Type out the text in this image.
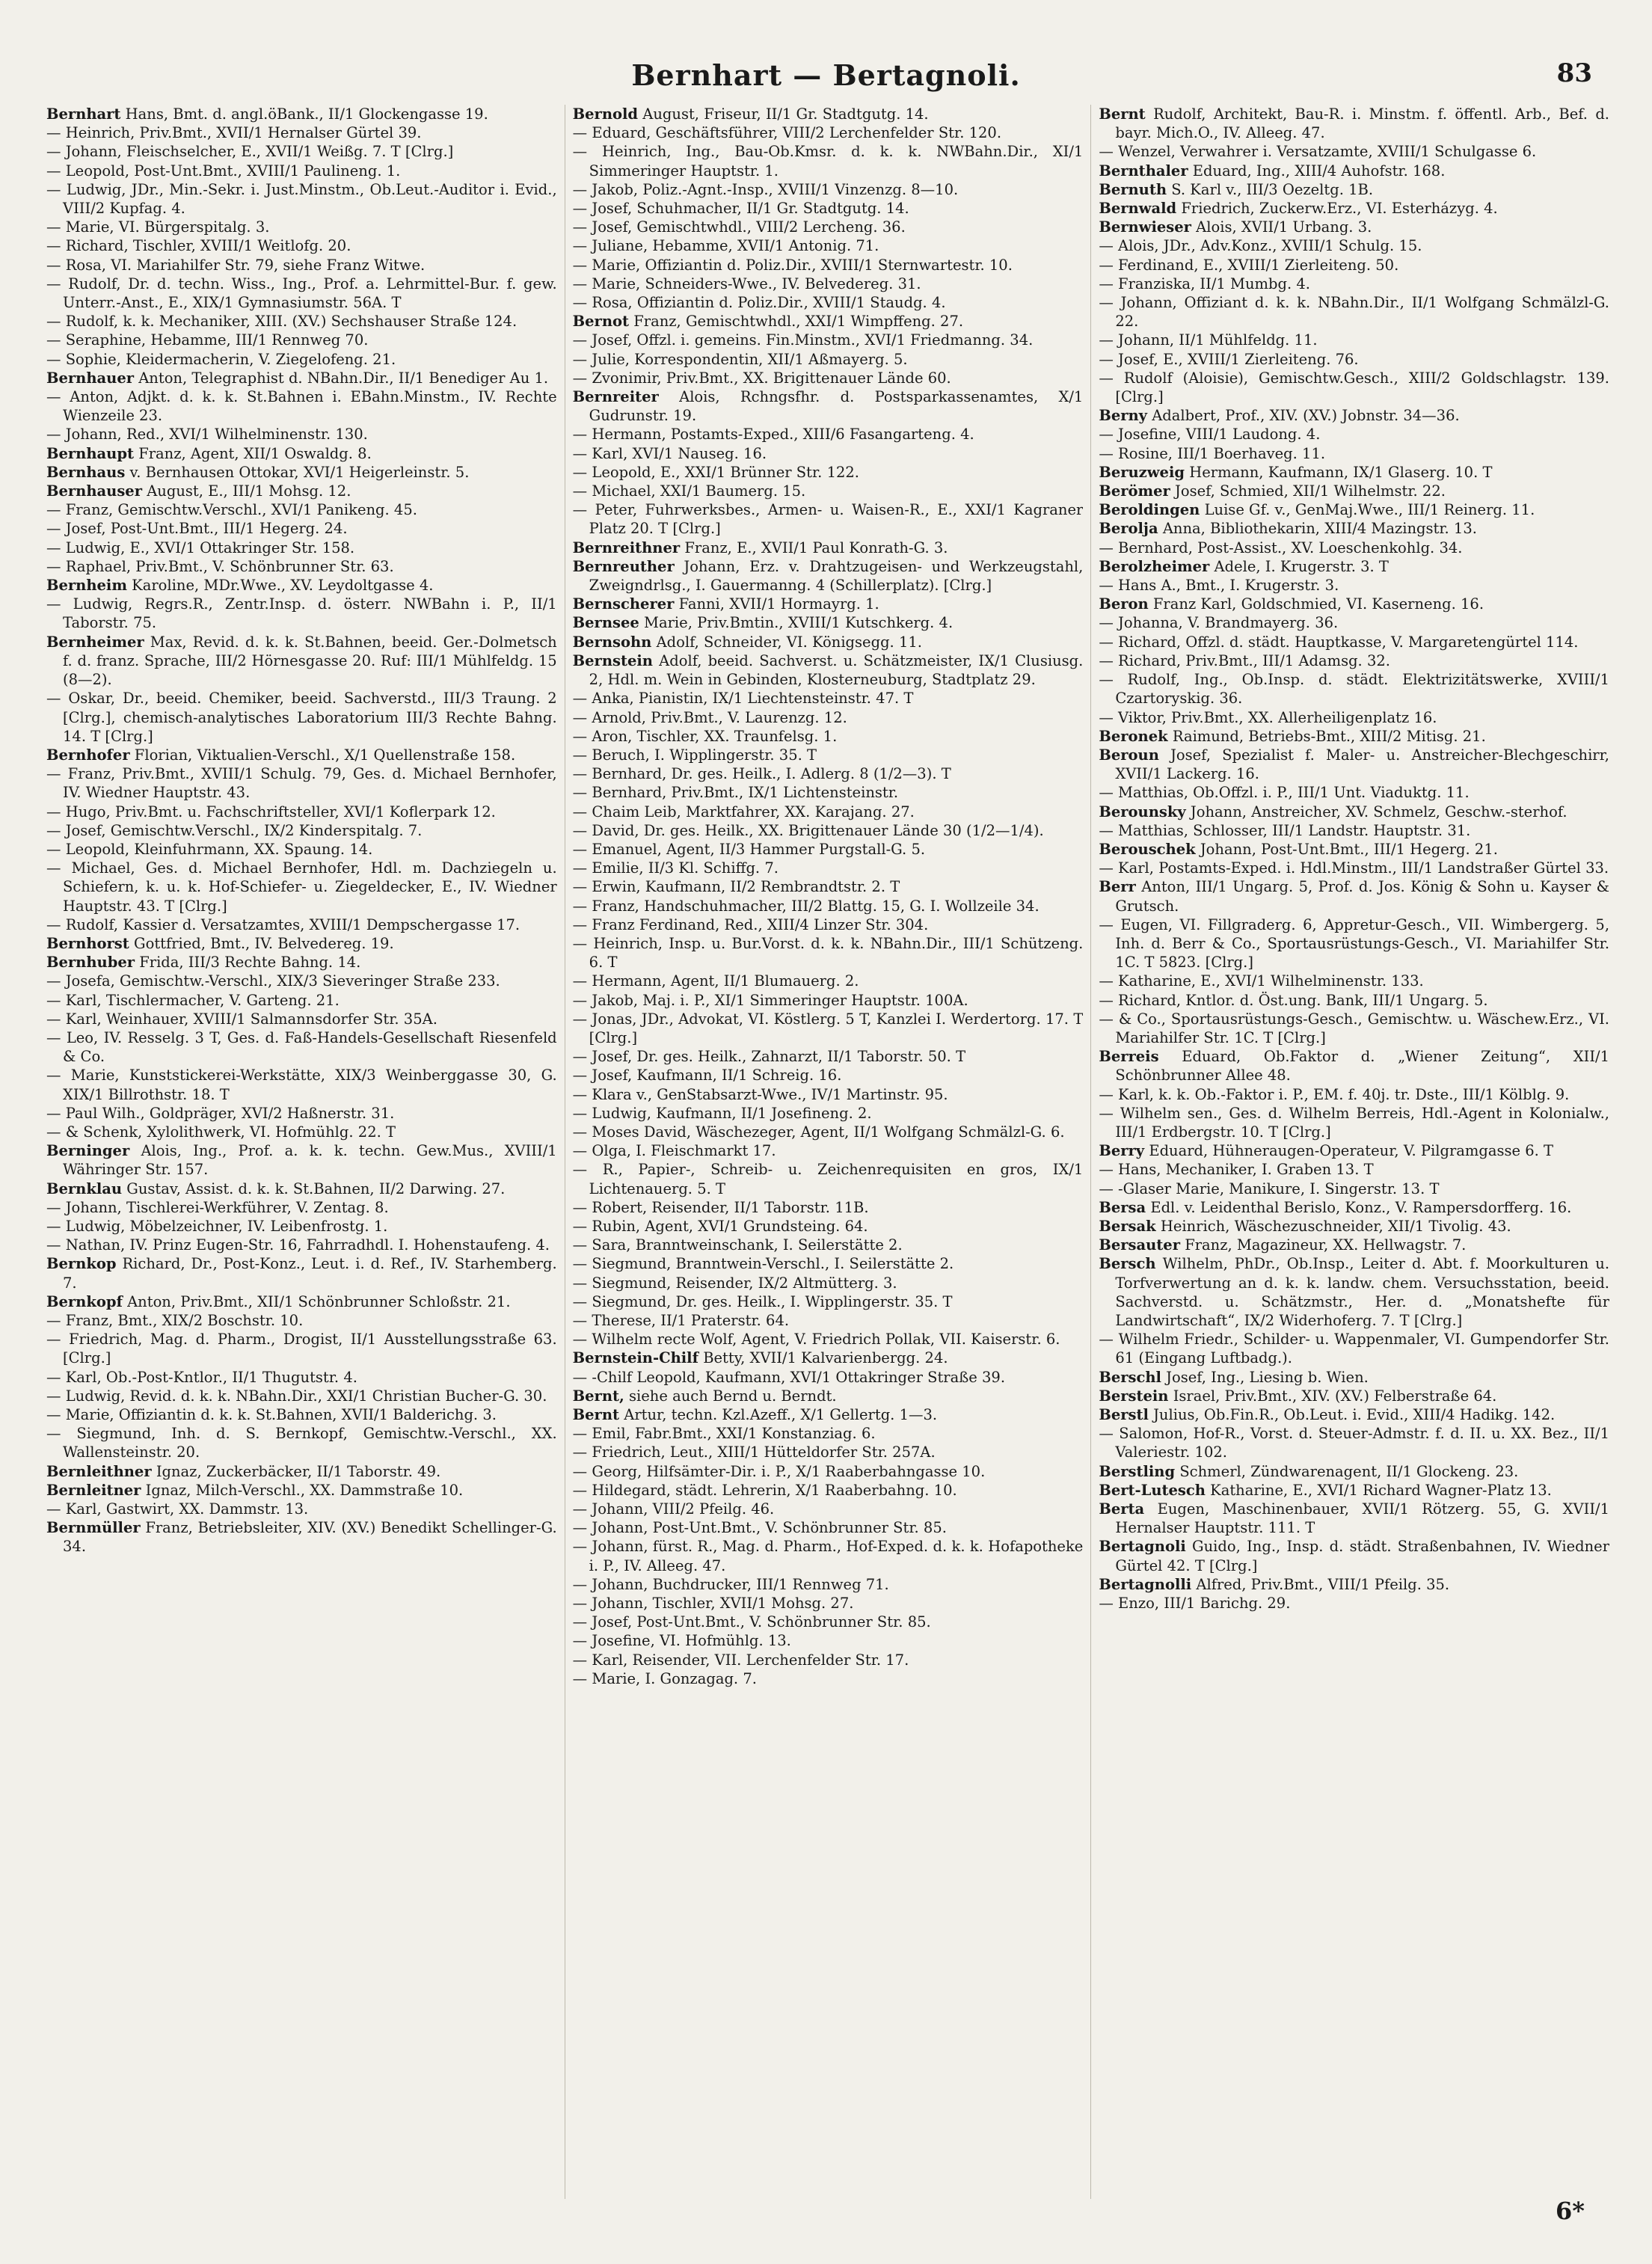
Bernhart — Bertagnoli.	83

Bernhart Hans, Bmt. d. angl.öBank., II/1 Glockengasse 19.

— Heinrich, Priv.Bmt., XVII/1 Hernalser Gürtel 39.

— Johann, Fleischselcher, E., XVII/1 Weißg. 7. T [Clrg.]

— Leopold, Post-Unt.Bmt., XVIII/1 Paulineng. 1.

— Ludwig, JDr., Min.-Sekr. i. Just.Minstm., Ob.Leut.-Auditor i. Evid., VIII/2 Kupfag. 4.

— Marie, VI. Bürgerspitalg. 3.

— Richard, Tischler, XVIII/1 Weitlofg. 20.

— Rosa, VI. Mariahilfer Str. 79, siehe Franz Witwe.

— Rudolf, Dr. d. techn. Wiss., Ing., Prof. a. Lehrmittel-Bur. f. gew. Unterr.-Anst., E., XIX/1 Gymnasiumstr. 56A. T

— Rudolf, k. k. Mechaniker, XIII. (XV.) Sechshauser Straße 124.

— Seraphine, Hebamme, III/1 Rennweg 70.

— Sophie, Kleidermacherin, V. Ziegelofeng. 21.

Bernhauer Anton, Telegraphist d. NBahn.Dir., II/1 Benediger Au 1.

— Anton, Adjkt. d. k. k. St.Bahnen i. EBahn.Minstm., IV. Rechte Wienzeile 23.

— Johann, Red., XVI/1 Wilhelminenstr. 130.

Bernhaupt Franz, Agent, XII/1 Oswaldg. 8.

Bernhaus v. Bernhausen Ottokar, XVI/1 Heigerleinstr. 5.

Bernhauser August, E., III/1 Mohsg. 12.

— Franz, Gemischtw.Verschl., XVI/1 Panikeng. 45.

— Josef, Post-Unt.Bmt., III/1 Hegerg. 24.

— Ludwig, E., XVI/1 Ottakringer Str. 158.

— Raphael, Priv.Bmt., V. Schönbrunner Str. 63.

Bernheim Karoline, MDr.Wwe., XV. Leydoltgasse 4.

— Ludwig, Regrs.R., Zentr.Insp. d. österr. NWBahn i. P., II/1 Taborstr. 75.

Bernheimer Max, Revid. d. k. k. St.Bahnen, beeid. Ger.-Dolmetsch f. d. franz. Sprache, III/2 Hörnesgasse 20. Ruf: III/1 Mühlfeldg. 15 (8—2).

— Oskar, Dr., beeid. Chemiker, beeid. Sachverstd., III/3 Traung. 2 [Clrg.], chemisch-analytisches Laboratorium III/3 Rechte Bahng. 14. T [Clrg.]

Bernhofer Florian, Viktualien-Verschl., X/1 Quellenstraße 158.

— Franz, Priv.Bmt., XVIII/1 Schulg. 79, Ges. d. Michael Bernhofer, IV. Wiedner Hauptstr. 43.

— Hugo, Priv.Bmt. u. Fachschriftsteller, XVI/1 Koflerpark 12.

— Josef, Gemischtw.Verschl., IX/2 Kinderspitalg. 7.

— Leopold, Kleinfuhrmann, XX. Spaung. 14.

— Michael, Ges. d. Michael Bernhofer, Hdl. m. Dachziegeln u. Schiefern, k. u. k. Hof-Schiefer- u. Ziegeldecker, E., IV. Wiedner Hauptstr. 43. T [Clrg.]

— Rudolf, Kassier d. Versatzamtes, XVIII/1 Dempschergasse 17.

Bernhorst Gottfried, Bmt., IV. Belvedereg. 19.

Bernhuber Frida, III/3 Rechte Bahng. 14.

— Josefa, Gemischtw.-Verschl., XIX/3 Sieveringer Straße 233.

— Karl, Tischlermacher, V. Garteng. 21.

— Karl, Weinhauer, XVIII/1 Salmannsdorfer Str. 35A.

— Leo, IV. Resselg. 3 T, Ges. d. Faß-Handels-Gesellschaft Riesenfeld & Co.

— Marie, Kunststickerei-Werkstätte, XIX/3 Weinberggasse 30, G. XIX/1 Billrothstr. 18. T

— Paul Wilh., Goldpräger, XVI/2 Haßnerstr. 31.

— & Schenk, Xylolithwerk, VI. Hofmühlg. 22. T

Berninger Alois, Ing., Prof. a. k. k. techn. Gew.Mus., XVIII/1 Währinger Str. 157.

Bernklau Gustav, Assist. d. k. k. St.Bahnen, II/2 Darwing. 27.

— Johann, Tischlerei-Werkführer, V. Zentag. 8.

— Ludwig, Möbelzeichner, IV. Leibenfrostg. 1.

— Nathan, IV. Prinz Eugen-Str. 16, Fahrradhdl. I. Hohenstaufeng. 4.

Bernkop Richard, Dr., Post-Konz., Leut. i. d. Ref., IV. Starhemberg. 7.

Bernkopf Anton, Priv.Bmt., XII/1 Schönbrunner Schloßstr. 21.

— Franz, Bmt., XIX/2 Boschstr. 10.

— Friedrich, Mag. d. Pharm., Drogist, II/1 Ausstellungsstraße 63. [Clrg.]

— Karl, Ob.-Post-Kntlor., II/1 Thugutstr. 4.

— Ludwig, Revid. d. k. k. NBahn.Dir., XXI/1 Christian Bucher-G. 30.

— Marie, Offiziantin d. k. k. St.Bahnen, XVII/1 Balderichg. 3.

— Siegmund, Inh. d. S. Bernkopf, Gemischtw.-Verschl., XX. Wallensteinstr. 20.

Bernleithner Ignaz, Zuckerbäcker, II/1 Taborstr. 49.

Bernleitner Ignaz, Milch-Verschl., XX. Dammstraße 10.

— Karl, Gastwirt, XX. Dammstr. 13.

Bernmüller Franz, Betriebsleiter, XIV. (XV.) Benedikt Schellinger-G. 34.

Bernold August, Friseur, II/1 Gr. Stadtgutg. 14.

— Eduard, Geschäftsführer, VIII/2 Lerchenfelder Str. 120.

— Heinrich, Ing., Bau-Ob.Kmsr. d. k. k. NWBahn.Dir., XI/1 Simmeringer Hauptstr. 1.

— Jakob, Poliz.-Agnt.-Insp., XVIII/1 Vinzenzg. 8—10.

— Josef, Schuhmacher, II/1 Gr. Stadtgutg. 14.

— Josef, Gemischtwhdl., VIII/2 Lercheng. 36.

— Juliane, Hebamme, XVII/1 Antonig. 71.

— Marie, Offiziantin d. Poliz.Dir., XVIII/1 Sternwartestr. 10.

— Marie, Schneiders-Wwe., IV. Belvedereg. 31.

— Rosa, Offiziantin d. Poliz.Dir., XVIII/1 Staudg. 4.

Bernot Franz, Gemischtwhdl., XXI/1 Wimpffeng. 27.

— Josef, Offzl. i. gemeins. Fin.Minstm., XVI/1 Friedmanng. 34.

— Julie, Korrespondentin, XII/1 Aßmayerg. 5.

— Zvonimir, Priv.Bmt., XX. Brigittenauer Lände 60.

Bernreiter Alois, Rchngsfhr. d. Postsparkassenamtes, X/1 Gudrunstr. 19.

— Hermann, Postamts-Exped., XIII/6 Fasangarteng. 4.

— Karl, XVI/1 Nauseg. 16.

— Leopold, E., XXI/1 Brünner Str. 122.

— Michael, XXI/1 Baumerg. 15.

— Peter, Fuhrwerksbes., Armen- u. Waisen-R., E., XXI/1 Kagraner Platz 20. T [Clrg.]

Bernreithner Franz, E., XVII/1 Paul Konrath-G. 3.

Bernreuther Johann, Erz. v. Drahtzugeisen- und Werkzeugstahl, Zweigndrlsg., I. Gauermanng. 4 (Schillerplatz). [Clrg.]

Bernscherer Fanni, XVII/1 Hormayrg. 1.

Bernsee Marie, Priv.Bmtin., XVIII/1 Kutschkerg. 4.

Bernsohn Adolf, Schneider, VI. Königsegg. 11.

Bernstein Adolf, beeid. Sachverst. u. Schätzmeister, IX/1 Clusiusg. 2, Hdl. m. Wein in Gebinden, Klosterneuburg, Stadtplatz 29.

— Anka, Pianistin, IX/1 Liechtensteinstr. 47. T

— Arnold, Priv.Bmt., V. Laurenzg. 12.

— Aron, Tischler, XX. Traunfelsg. 1.

— Beruch, I. Wipplingerstr. 35. T

— Bernhard, Dr. ges. Heilk., I. Adlerg. 8 (1/2—3). T

— Bernhard, Priv.Bmt., IX/1 Lichtensteinstr.

— Chaim Leib, Marktfahrer, XX. Karajang. 27.

— David, Dr. ges. Heilk., XX. Brigittenauer Lände 30 (1/2—1/4).

— Emanuel, Agent, II/3 Hammer Purgstall-G. 5.

— Emilie, II/3 Kl. Schiffg. 7.

— Erwin, Kaufmann, II/2 Rembrandtstr. 2. T

— Franz, Handschuhmacher, III/2 Blattg. 15, G. I. Wollzeile 34.

— Franz Ferdinand, Red., XIII/4 Linzer Str. 304.

— Heinrich, Insp. u. Bur.Vorst. d. k. k. NBahn.Dir., III/1 Schützeng. 6. T

— Hermann, Agent, II/1 Blumauerg. 2.

— Jakob, Maj. i. P., XI/1 Simmeringer Hauptstr. 100A.

— Jonas, JDr., Advokat, VI. Köstlerg. 5 T, Kanzlei I. Werdertorg. 17. T [Clrg.]

— Josef, Dr. ges. Heilk., Zahnarzt, II/1 Taborstr. 50. T

— Josef, Kaufmann, II/1 Schreig. 16.

— Klara v., GenStabsarzt-Wwe., IV/1 Martinstr. 95.

— Ludwig, Kaufmann, II/1 Josefineng. 2.

— Moses David, Wäschezeger, Agent, II/1 Wolfgang Schmälzl-G. 6.

— Olga, I. Fleischmarkt 17.

— R., Papier-, Schreib- u. Zeichenrequisiten en gros, IX/1 Lichtenauerg. 5. T

— Robert, Reisender, II/1 Taborstr. 11B.

— Rubin, Agent, XVI/1 Grundsteing. 64.

— Sara, Branntweinschank, I. Seilerstätte 2.

— Siegmund, Branntwein-Verschl., I. Seilerstätte 2.

— Siegmund, Reisender, IX/2 Altmütterg. 3.

— Siegmund, Dr. ges. Heilk., I. Wipplingerstr. 35. T

— Therese, II/1 Praterstr. 64.

— Wilhelm recte Wolf, Agent, V. Friedrich Pollak, VII. Kaiserstr. 6.

Bernstein-Chilf Betty, XVII/1 Kalvarienbergg. 24.

— -Chilf Leopold, Kaufmann, XVI/1 Ottakringer Straße 39.

Bernt, siehe auch Bernd u. Berndt.

Bernt Artur, techn. Kzl.Azeff., X/1 Gellertg. 1—3.

— Emil, Fabr.Bmt., XXI/1 Konstanziag. 6.

— Friedrich, Leut., XIII/1 Hütteldorfer Str. 257A.

— Georg, Hilfsämter-Dir. i. P., X/1 Raaberbahngasse 10.

— Hildegard, städt. Lehrerin, X/1 Raaberbahng. 10.

— Johann, VIII/2 Pfeilg. 46.

— Johann, Post-Unt.Bmt., V. Schönbrunner Str. 85.

— Johann, fürst. R., Mag. d. Pharm., Hof-Exped. d. k. k. Hofapotheke i. P., IV. Alleeg. 47.

— Johann, Buchdrucker, III/1 Rennweg 71.

— Johann, Tischler, XVII/1 Mohsg. 27.

— Josef, Post-Unt.Bmt., V. Schönbrunner Str. 85.

— Josefine, VI. Hofmühlg. 13.

— Karl, Reisender, VII. Lerchenfelder Str. 17.

— Marie, I. Gonzagag. 7.

Bernt Rudolf, Architekt, Bau-R. i. Minstm. f. öffentl. Arb., Bef. d. bayr. Mich.O., IV. Alleeg. 47.

— Wenzel, Verwahrer i. Versatzamte, XVIII/1 Schulgasse 6.

Bernthaler Eduard, Ing., XIII/4 Auhofstr. 168.

Bernuth S. Karl v., III/3 Oezeltg. 1B.

Bernwald Friedrich, Zuckerw.Erz., VI. Esterházyg. 4.

Bernwieser Alois, XVII/1 Urbang. 3.

— Alois, JDr., Adv.Konz., XVIII/1 Schulg. 15.

— Ferdinand, E., XVIII/1 Zierleiteng. 50.

— Franziska, II/1 Mumbg. 4.

— Johann, Offiziant d. k. k. NBahn.Dir., II/1 Wolfgang Schmälzl-G. 22.

— Johann, II/1 Mühlfeldg. 11.

— Josef, E., XVIII/1 Zierleiteng. 76.

— Rudolf (Aloisie), Gemischtw.Gesch., XIII/2 Goldschlagstr. 139. [Clrg.]

Berny Adalbert, Prof., XIV. (XV.) Jobnstr. 34—36.

— Josefine, VIII/1 Laudong. 4.

— Rosine, III/1 Boerhaveg. 11.

Beruzweig Hermann, Kaufmann, IX/1 Glaserg. 10. T

Berömer Josef, Schmied, XII/1 Wilhelmstr. 22.

Beroldingen Luise Gf. v., GenMaj.Wwe., III/1 Reinerg. 11.

Berolja Anna, Bibliothekarin, XIII/4 Mazingstr. 13.

— Bernhard, Post-Assist., XV. Loeschenkohlg. 34.

Berolzheimer Adele, I. Krugerstr. 3. T

— Hans A., Bmt., I. Krugerstr. 3.

Beron Franz Karl, Goldschmied, VI. Kaserneng. 16.

— Johanna, V. Brandmayerg. 36.

— Richard, Offzl. d. städt. Hauptkasse, V. Margaretengürtel 114.

— Richard, Priv.Bmt., III/1 Adamsg. 32.

— Rudolf, Ing., Ob.Insp. d. städt. Elektrizitätswerke, XVIII/1 Czartoryskig. 36.

— Viktor, Priv.Bmt., XX. Allerheiligenplatz 16.

Beronek Raimund, Betriebs-Bmt., XIII/2 Mitisg. 21.

Beroun Josef, Spezialist f. Maler- u. Anstreicher-Blechgeschirr, XVII/1 Lackerg. 16.

— Matthias, Ob.Offzl. i. P., III/1 Unt. Viaduktg. 11.

Berounsky Johann, Anstreicher, XV. Schmelz, Geschw.-sterhof.

— Matthias, Schlosser, III/1 Landstr. Hauptstr. 31.

Berouschek Johann, Post-Unt.Bmt., III/1 Hegerg. 21.

— Karl, Postamts-Exped. i. Hdl.Minstm., III/1 Landstraßer Gürtel 33.

Berr Anton, III/1 Ungarg. 5, Prof. d. Jos. König & Sohn u. Kayser & Grutsch.

— Eugen, VI. Fillgraderg. 6, Appretur-Gesch., VII. Wimbergerg. 5, Inh. d. Berr & Co., Sportausrüstungs-Gesch., VI. Mariahilfer Str. 1C. T 5823. [Clrg.]

— Katharine, E., XVI/1 Wilhelminenstr. 133.

— Richard, Kntlor. d. Öst.ung. Bank, III/1 Ungarg. 5.

— & Co., Sportausrüstungs-Gesch., Gemischtw. u. Wäschew.Erz., VI. Mariahilfer Str. 1C. T [Clrg.]

Berreis Eduard, Ob.Faktor d. „Wiener Zeitung“, XII/1 Schönbrunner Allee 48.

— Karl, k. k. Ob.-Faktor i. P., EM. f. 40j. tr. Dste., III/1 Kölblg. 9.

— Wilhelm sen., Ges. d. Wilhelm Berreis, Hdl.-Agent in Kolonialw., III/1 Erdbergstr. 10. T [Clrg.]

Berry Eduard, Hühneraugen-Operateur, V. Pilgramgasse 6. T

— Hans, Mechaniker, I. Graben 13. T

— -Glaser Marie, Manikure, I. Singerstr. 13. T

Bersa Edl. v. Leidenthal Berislo, Konz., V. Rampersdorfferg. 16.

Bersak Heinrich, Wäschezuschneider, XII/1 Tivolig. 43.

Bersauter Franz, Magazineur, XX. Hellwagstr. 7.

Bersch Wilhelm, PhDr., Ob.Insp., Leiter d. Abt. f. Moorkulturen u. Torfverwertung an d. k. k. landw. chem. Versuchsstation, beeid. Sachverstd. u. Schätzmstr., Her. d. „Monatshefte für Landwirtschaft“, IX/2 Widerhoferg. 7. T [Clrg.]

— Wilhelm Friedr., Schilder- u. Wappenmaler, VI. Gumpendorfer Str. 61 (Eingang Luftbadg.).

Berschl Josef, Ing., Liesing b. Wien.

Berstein Israel, Priv.Bmt., XIV. (XV.) Felberstraße 64.

Berstl Julius, Ob.Fin.R., Ob.Leut. i. Evid., XIII/4 Hadikg. 142.

— Salomon, Hof-R., Vorst. d. Steuer-Admstr. f. d. II. u. XX. Bez., II/1 Valeriestr. 102.

Berstling Schmerl, Zündwarenagent, II/1 Glockeng. 23.

Bert-Lutesch Katharine, E., XVI/1 Richard Wagner-Platz 13.

Berta Eugen, Maschinenbauer, XVII/1 Rötzerg. 55, G. XVII/1 Hernalser Hauptstr. 111. T

Bertagnoli Guido, Ing., Insp. d. städt. Straßenbahnen, IV. Wiedner Gürtel 42. T [Clrg.]

Bertagnolli Alfred, Priv.Bmt., VIII/1 Pfeilg. 35.

— Enzo, III/1 Barichg. 29.

6*
